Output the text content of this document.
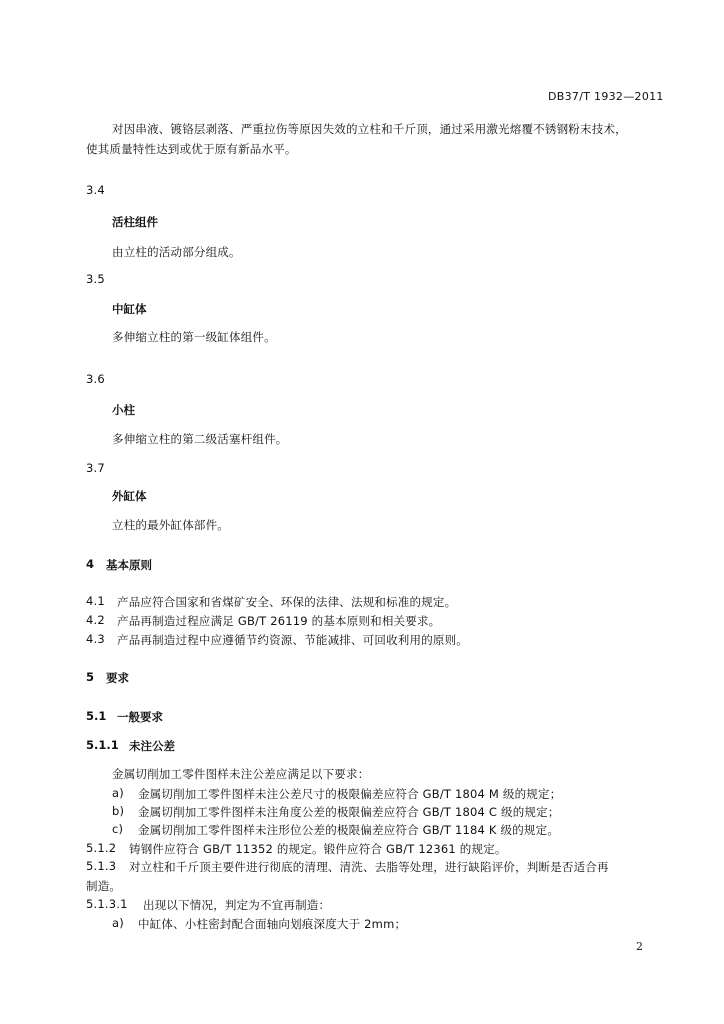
DB37/T 1932—2011
对因串液、镀铬层剥落、严重拉伤等原因失效的立柱和千斤顶，通过采用激光熔覆不锈钢粉末技术，
使其质量特性达到或优于原有新品水平。
3.4
活柱组件
由立柱的活动部分组成。
3.5
中缸体
多伸缩立柱的第一级缸体组件。
3.6
小柱
多伸缩立柱的第二级活塞杆组件。
3.7
外缸体
立柱的最外缸体部件。
4 基本原则
4.1 产品应符合国家和省煤矿安全、环保的法律、法规和标准的规定。
4.2 产品再制造过程应满足 GB/T 26119 的基本原则和相关要求。
4.3 产品再制造过程中应遵循节约资源、节能减排、可回收利用的原则。
5 要求
5.1 一般要求
5.1.1 未注公差
金属切削加工零件图样未注公差应满足以下要求：
a) 金属切削加工零件图样未注公差尺寸的极限偏差应符合 GB/T 1804 M 级的规定；
b) 金属切削加工零件图样未注角度公差的极限偏差应符合 GB/T 1804 C 级的规定；
c) 金属切削加工零件图样未注形位公差的极限偏差应符合 GB/T 1184 K 级的规定。
5.1.2 铸钢件应符合 GB/T 11352 的规定。锻件应符合 GB/T 12361 的规定。
5.1.3 对立柱和千斤顶主要件进行彻底的清理、清洗、去脂等处理，进行缺陷评价，判断是否适合再
制造。
5.1.3.1 出现以下情况，判定为不宜再制造：
a) 中缸体、小柱密封配合面轴向划痕深度大于 2mm；
2
